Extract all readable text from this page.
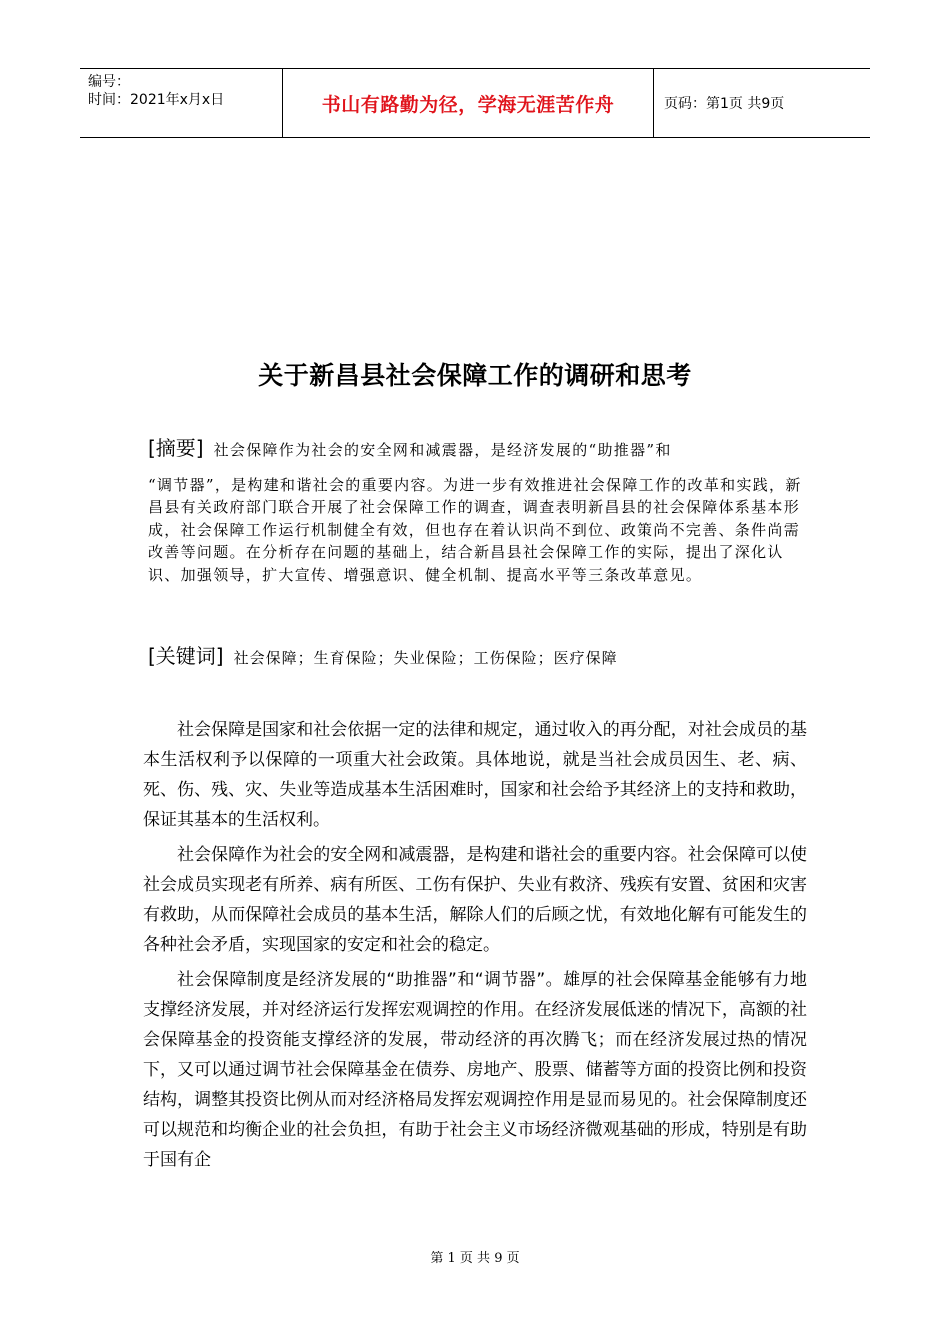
编号：
时间：2021年x月x日	书山有路勤为径，学海无涯苦作舟	页码：第1页 共9页
关于新昌县社会保障工作的调研和思考
[摘要] 社会保障作为社会的安全网和减震器，是经济发展的“助推器”和
“调节器”，是构建和谐社会的重要内容。为进一步有效推进社会保障工作的改革和实践，新昌县有关政府部门联合开展了社会保障工作的调查，调查表明新昌县的社会保障体系基本形成，社会保障工作运行机制健全有效，但也存在着认识尚不到位、政策尚不完善、条件尚需改善等问题。在分析存在问题的基础上，结合新昌县社会保障工作的实际，提出了深化认识、加强领导，扩大宣传、增强意识、健全机制、提高水平等三条改革意见。
[关键词] 社会保障；生育保险；失业保险；工伤保险；医疗保障

社会保障是国家和社会依据一定的法律和规定，通过收入的再分配，对社会成员的基本生活权利予以保障的一项重大社会政策。具体地说，就是当社会成员因生、老、病、死、伤、残、灾、失业等造成基本生活困难时，国家和社会给予其经济上的支持和救助，保证其基本的生活权利。

社会保障作为社会的安全网和减震器，是构建和谐社会的重要内容。社会保障可以使社会成员实现老有所养、病有所医、工伤有保护、失业有救济、残疾有安置、贫困和灾害有救助，从而保障社会成员的基本生活，解除人们的后顾之忧，有效地化解有可能发生的各种社会矛盾，实现国家的安定和社会的稳定。

社会保障制度是经济发展的“助推器”和“调节器”。雄厚的社会保障基金能够有力地支撑经济发展，并对经济运行发挥宏观调控的作用。在经济发展低迷的情况下，高额的社会保障基金的投资能支撑经济的发展，带动经济的再次腾飞；而在经济发展过热的情况下，又可以通过调节社会保障基金在债券、房地产、股票、储蓄等方面的投资比例和投资结构，调整其投资比例从而对经济格局发挥宏观调控作用是显而易见的。社会保障制度还可以规范和均衡企业的社会负担，有助于社会主义市场经济微观基础的形成，特别是有助于国有企

第 1 页 共 9 页
